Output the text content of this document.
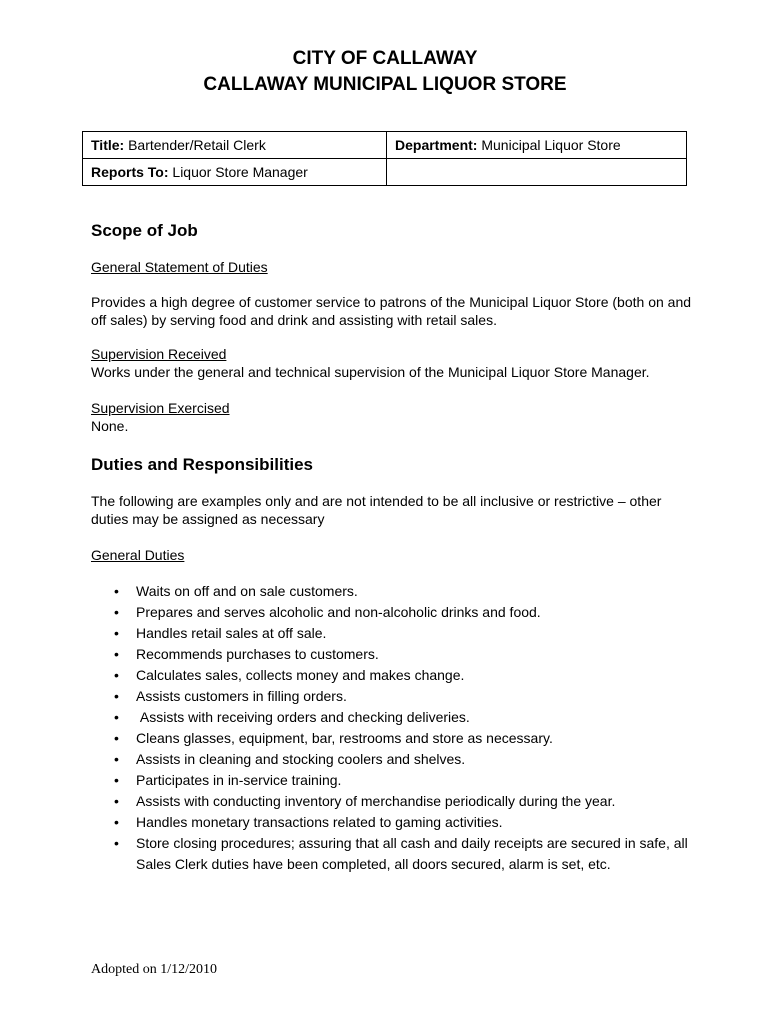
CITY OF CALLAWAY
CALLAWAY MUNICIPAL LIQUOR STORE
Title: Bartender/Retail Clerk	Department: Municipal Liquor Store
Reports To: Liquor Store Manager	
Scope of Job

General Statement of Duties

Provides a high degree of customer service to patrons of the Municipal Liquor Store (both on and off sales) by serving food and drink and assisting with retail sales.

Supervision Received

Works under the general and technical supervision of the Municipal Liquor Store Manager.

Supervision Exercised

None.

Duties and Responsibilities

The following are examples only and are not intended to be all inclusive or restrictive – other duties may be assigned as necessary

General Duties

• Waits on off and on sale customers.
• Prepares and serves alcoholic and non-alcoholic drinks and food.
• Handles retail sales at off sale.
• Recommends purchases to customers.
• Calculates sales, collects money and makes change.
• Assists customers in filling orders.
• Assists with receiving orders and checking deliveries.
• Cleans glasses, equipment, bar, restrooms and store as necessary.
• Assists in cleaning and stocking coolers and shelves.
• Participates in in-service training.
• Assists with conducting inventory of merchandise periodically during the year.
• Handles monetary transactions related to gaming activities.
• Store closing procedures; assuring that all cash and daily receipts are secured in safe, all Sales Clerk duties have been completed, all doors secured, alarm is set, etc.
Adopted on 1/12/2010
